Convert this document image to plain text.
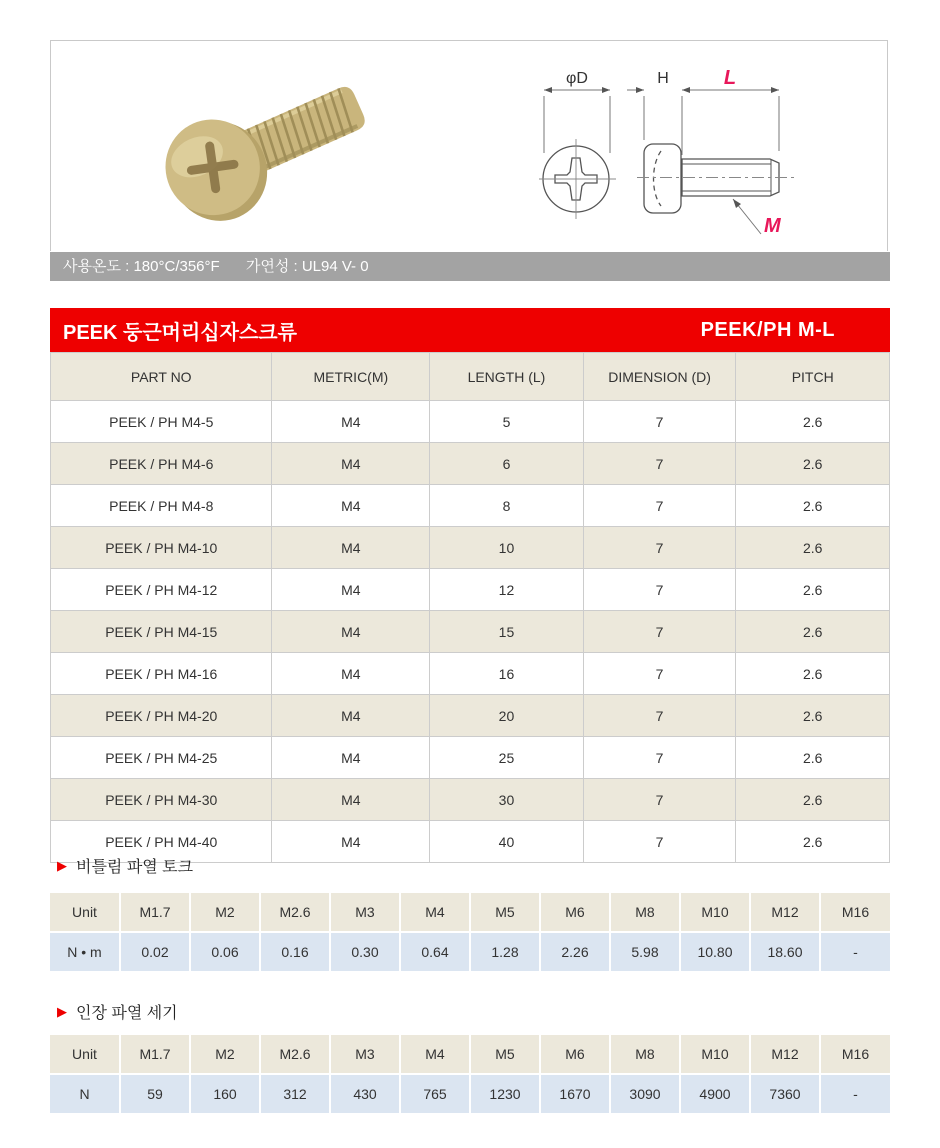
φD	H	L
M
사용온도 : 180°C/356°F 가연성 : UL94 V- 0
PEEK 둥근머리십자스크류	PEEK/PH M-L
PART NO	METRIC(M)	LENGTH (L)	DIMENSION (D)	PITCH
PEEK / PH M4-5	M4	5	7	2.6
PEEK / PH M4-6	M4	6	7	2.6
PEEK / PH M4-8	M4	8	7	2.6
PEEK / PH M4-10	M4	10	7	2.6
PEEK / PH M4-12	M4	12	7	2.6
PEEK / PH M4-15	M4	15	7	2.6
PEEK / PH M4-16	M4	16	7	2.6
PEEK / PH M4-20	M4	20	7	2.6
PEEK / PH M4-25	M4	25	7	2.6
PEEK / PH M4-30	M4	30	7	2.6
PEEK / PH M4-40	M4	40	7	2.6
▶ 비틀림 파열 토크
Unit	M1.7	M2	M2.6	M3	M4	M5	M6	M8	M10	M12	M16
N • m	0.02	0.06	0.16	0.30	0.64	1.28	2.26	5.98	10.80	18.60	-
▶ 인장 파열 세기
Unit	M1.7	M2	M2.6	M3	M4	M5	M6	M8	M10	M12	M16
N	59	160	312	430	765	1230	1670	3090	4900	7360	-
